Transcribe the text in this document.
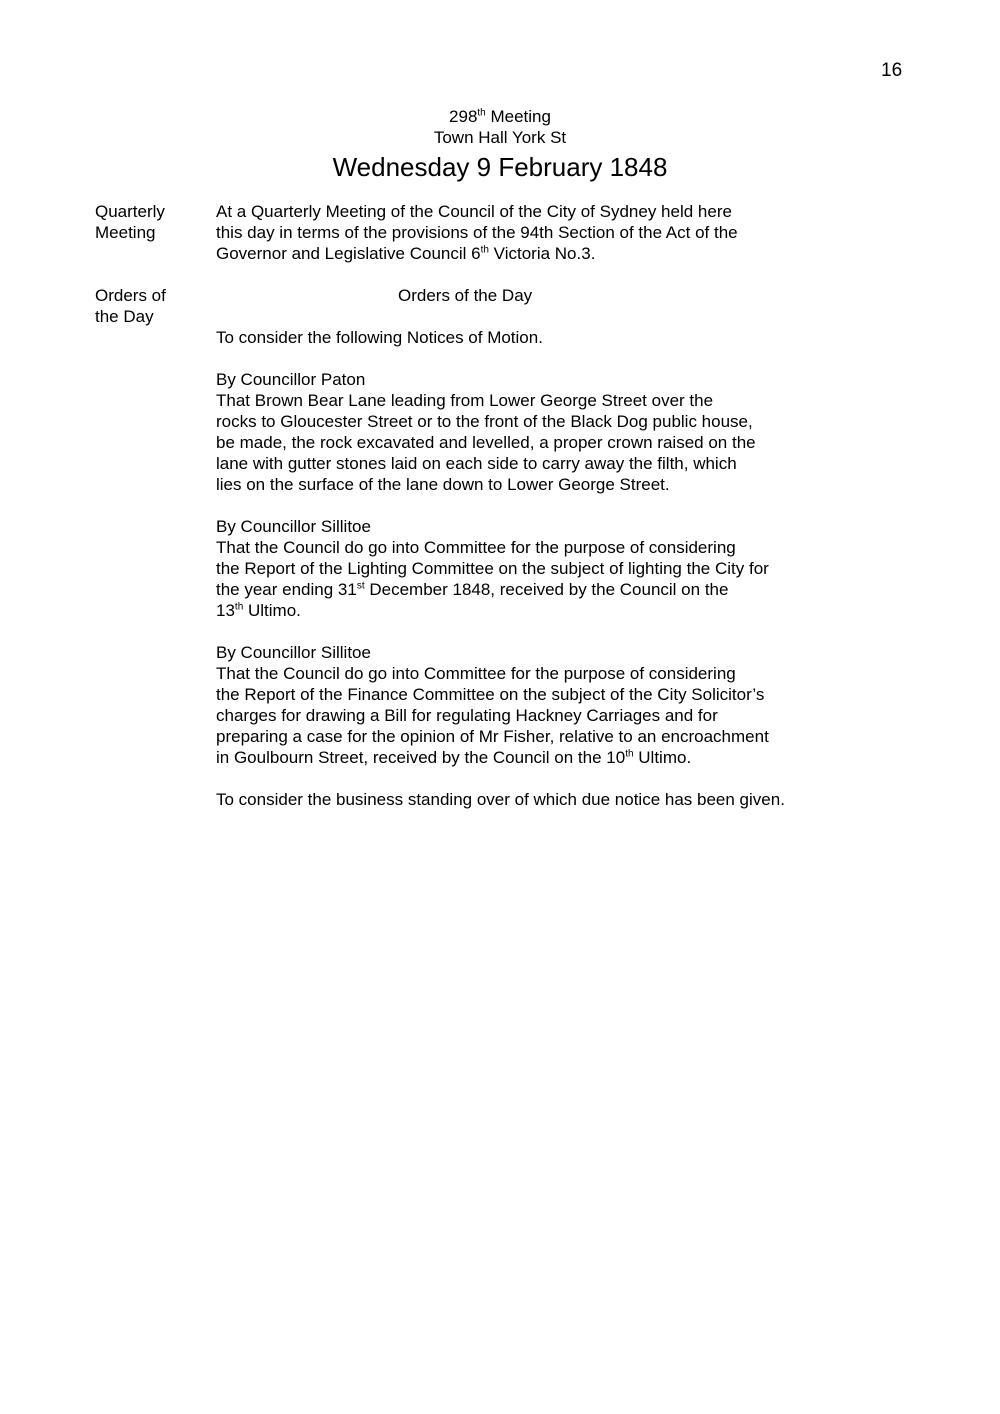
16
298th Meeting
Town Hall York St
Wednesday 9 February 1848
Quarterly
Meeting
At a Quarterly Meeting of the Council of the City of Sydney held here
this day in terms of the provisions of the 94th Section of the Act of the
Governor and Legislative Council 6th Victoria No.3.
Orders of
the Day
Orders of the Day
To consider the following Notices of Motion.
By Councillor Paton
That Brown Bear Lane leading from Lower George Street over the
rocks to Gloucester Street or to the front of the Black Dog public house,
be made, the rock excavated and levelled, a proper crown raised on the
lane with gutter stones laid on each side to carry away the filth, which
lies on the surface of the lane down to Lower George Street.
By Councillor Sillitoe
That the Council do go into Committee for the purpose of considering
the Report of the Lighting Committee on the subject of lighting the City for
the year ending 31st December 1848, received by the Council on the
13th Ultimo.
By Councillor Sillitoe
That the Council do go into Committee for the purpose of considering
the Report of the Finance Committee on the subject of the City Solicitor’s
charges for drawing a Bill for regulating Hackney Carriages and for
preparing a case for the opinion of Mr Fisher, relative to an encroachment
in Goulbourn Street, received by the Council on the 10th Ultimo.
To consider the business standing over of which due notice has been given.
